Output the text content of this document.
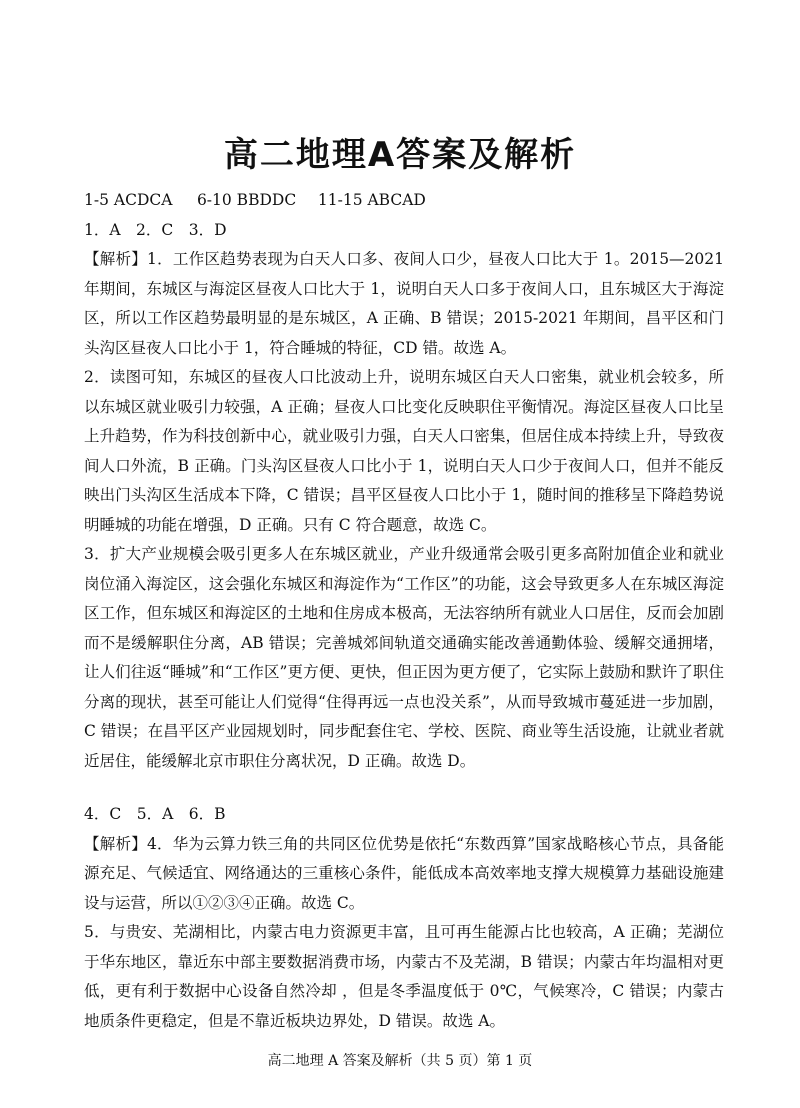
高二地理A答案及解析

1-5 ACDCA 6-10 BBDDC 11-15 ABCAD

1．A　2．C　3．D

【解析】1．工作区趋势表现为白天人口多、夜间人口少，昼夜人口比大于 1。2015—2021 年期间，东城区与海淀区昼夜人口比大于 1，说明白天人口多于夜间人口，且东城区大于海淀区，所以工作区趋势最明显的是东城区，A 正确、B 错误；2015-2021 年期间，昌平区和门头沟区昼夜人口比小于 1，符合睡城的特征，CD 错。故选 A。

2．读图可知，东城区的昼夜人口比波动上升，说明东城区白天人口密集，就业机会较多，所以东城区就业吸引力较强，A 正确；昼夜人口比变化反映职住平衡情况。海淀区昼夜人口比呈上升趋势，作为科技创新中心，就业吸引力强，白天人口密集，但居住成本持续上升，导致夜间人口外流，B 正确。门头沟区昼夜人口比小于 1，说明白天人口少于夜间人口，但并不能反映出门头沟区生活成本下降，C 错误；昌平区昼夜人口比小于 1，随时间的推移呈下降趋势说明睡城的功能在增强，D 正确。只有 C 符合题意，故选 C。

3．扩大产业规模会吸引更多人在东城区就业，产业升级通常会吸引更多高附加值企业和就业岗位涌入海淀区，这会强化东城区和海淀作为“工作区”的功能，这会导致更多人在东城区海淀区工作，但东城区和海淀区的土地和住房成本极高，无法容纳所有就业人口居住，反而会加剧而不是缓解职住分离，AB 错误；完善城郊间轨道交通确实能改善通勤体验、缓解交通拥堵，让人们往返“睡城”和“工作区”更方便、更快，但正因为更方便了，它实际上鼓励和默许了职住分离的现状，甚至可能让人们觉得“住得再远一点也没关系”，从而导致城市蔓延进一步加剧，C 错误；在昌平区产业园规划时，同步配套住宅、学校、医院、商业等生活设施，让就业者就近居住，能缓解北京市职住分离状况，D 正确。故选 D。

4．C　5．A　6．B

【解析】4．华为云算力铁三角的共同区位优势是依托“东数西算”国家战略核心节点，具备能源充足、气候适宜、网络通达的三重核心条件，能低成本高效率地支撑大规模算力基础设施建设与运营，所以①②③④正确。故选 C。

5．与贵安、芜湖相比，内蒙古电力资源更丰富，且可再生能源占比也较高，A 正确；芜湖位于华东地区，靠近东中部主要数据消费市场，内蒙古不及芜湖，B 错误；内蒙古年均温相对更低，更有利于数据中心设备自然冷却 ，但是冬季温度低于 0℃，气候寒冷，C 错误；内蒙古地质条件更稳定，但是不靠近板块边界处，D 错误。故选 A。

高二地理 A 答案及解析（共 5 页）第 1 页
